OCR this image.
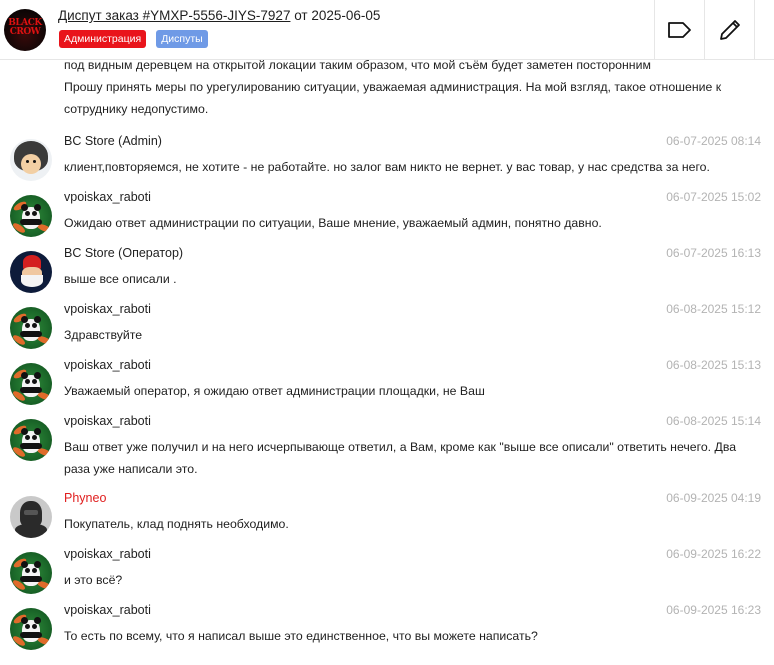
BLACK CROW
Диспут заказ #YMXP-5556-JIYS-7927 от 2025-06-05
Администрация	Диспуты
под видным деревцем на открытой локации таким образом, что мой съём будет заметен посторонним
Прошу принять меры по урегулированию ситуации, уважаемая администрация. На мой взгляд, такое отношение к
сотруднику недопустимо.
BC Store (Admin)	06-07-2025 08:14
клиент,повторяемся, не хотите - не работайте. но залог вам никто не вернет. у вас товар, у нас средства за него.
vpoiskax_raboti	06-07-2025 15:02
Ожидаю ответ администрации по ситуации, Ваше мнение, уважаемый админ, понятно давно.
BC Store (Оператор)	06-07-2025 16:13
выше все описали .
vpoiskax_raboti	06-08-2025 15:12
Здравствуйте
vpoiskax_raboti	06-08-2025 15:13
Уважаемый оператор, я ожидаю ответ администрации площадки, не Ваш
vpoiskax_raboti	06-08-2025 15:14
Ваш ответ уже получил и на него исчерпывающе ответил, а Вам, кроме как "выше все описали" ответить нечего. Два раза уже написали это.
Phyneo	06-09-2025 04:19
Покупатель, клад поднять необходимо.
vpoiskax_raboti	06-09-2025 16:22
и это всё?
vpoiskax_raboti	06-09-2025 16:23
То есть по всему, что я написал выше это единственное, что вы можете написать?
